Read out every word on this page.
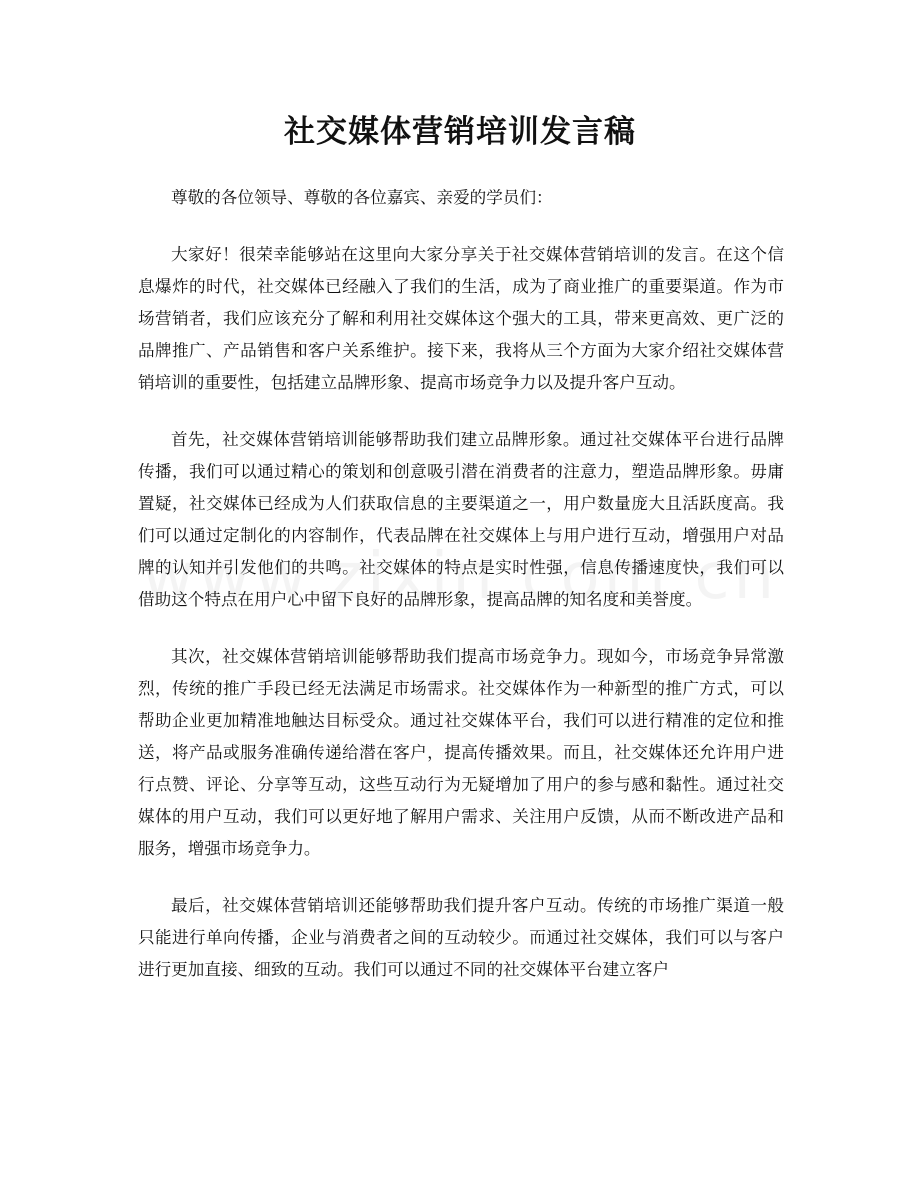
社交媒体营销培训发言稿

尊敬的各位领导、尊敬的各位嘉宾、亲爱的学员们：

大家好！很荣幸能够站在这里向大家分享关于社交媒体营销培训的发言。在这个信息爆炸的时代，社交媒体已经融入了我们的生活，成为了商业推广的重要渠道。作为市场营销者，我们应该充分了解和利用社交媒体这个强大的工具，带来更高效、更广泛的品牌推广、产品销售和客户关系维护。接下来，我将从三个方面为大家介绍社交媒体营销培训的重要性，包括建立品牌形象、提高市场竞争力以及提升客户互动。

首先，社交媒体营销培训能够帮助我们建立品牌形象。通过社交媒体平台进行品牌传播，我们可以通过精心的策划和创意吸引潜在消费者的注意力，塑造品牌形象。毋庸置疑，社交媒体已经成为人们获取信息的主要渠道之一，用户数量庞大且活跃度高。我们可以通过定制化的内容制作，代表品牌在社交媒体上与用户进行互动，增强用户对品牌的认知并引发他们的共鸣。社交媒体的特点是实时性强，信息传播速度快，我们可以借助这个特点在用户心中留下良好的品牌形象，提高品牌的知名度和美誉度。

其次，社交媒体营销培训能够帮助我们提高市场竞争力。现如今，市场竞争异常激烈，传统的推广手段已经无法满足市场需求。社交媒体作为一种新型的推广方式，可以帮助企业更加精准地触达目标受众。通过社交媒体平台，我们可以进行精准的定位和推送，将产品或服务准确传递给潜在客户，提高传播效果。而且，社交媒体还允许用户进行点赞、评论、分享等互动，这些互动行为无疑增加了用户的参与感和黏性。通过社交媒体的用户互动，我们可以更好地了解用户需求、关注用户反馈，从而不断改进产品和服务，增强市场竞争力。

最后，社交媒体营销培训还能够帮助我们提升客户互动。传统的市场推广渠道一般只能进行单向传播，企业与消费者之间的互动较少。而通过社交媒体，我们可以与客户进行更加直接、细致的互动。我们可以通过不同的社交媒体平台建立客户
